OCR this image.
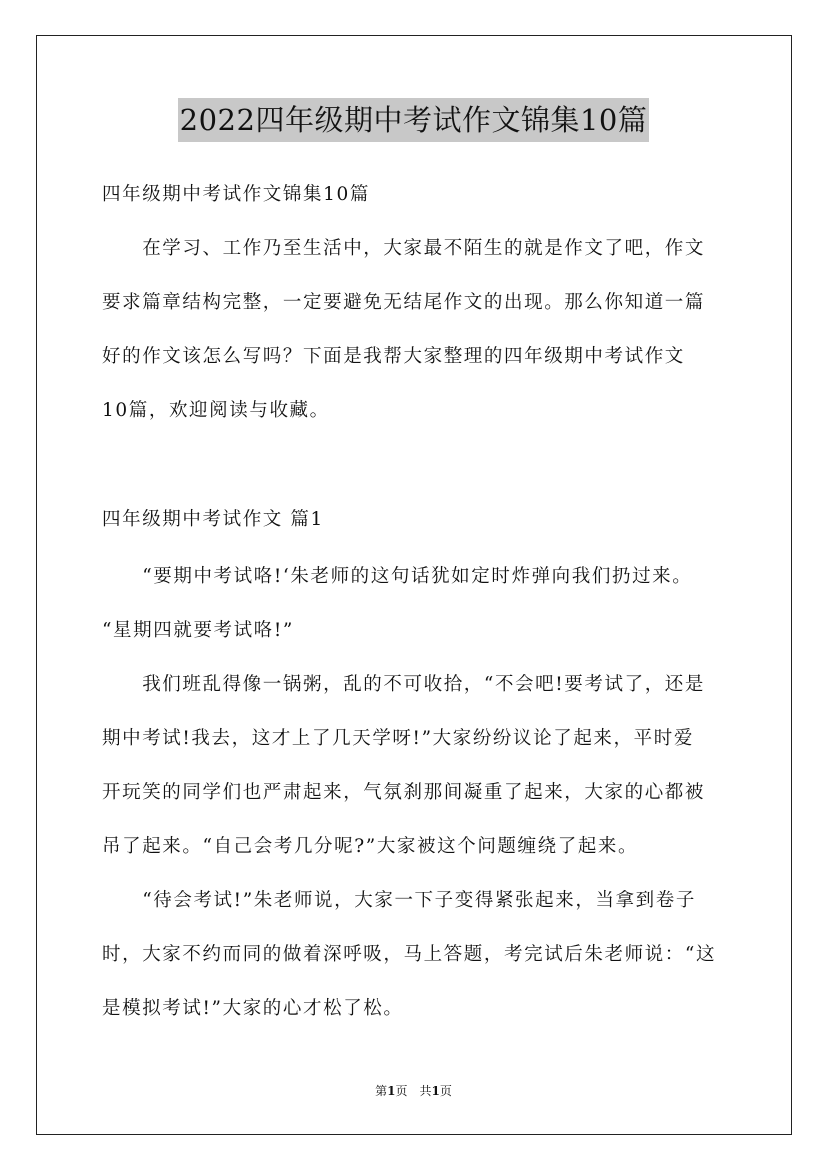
2022四年级期中考试作文锦集10篇
四年级期中考试作文锦集10篇
　　在学习、工作乃至生活中，大家最不陌生的就是作文了吧，作文
要求篇章结构完整，一定要避免无结尾作文的出现。那么你知道一篇
好的作文该怎么写吗？下面是我帮大家整理的四年级期中考试作文
10篇，欢迎阅读与收藏。
四年级期中考试作文 篇1
　　“要期中考试咯!‘朱老师的这句话犹如定时炸弹向我们扔过来。
“星期四就要考试咯!”
　　我们班乱得像一锅粥，乱的不可收拾，“不会吧!要考试了，还是
期中考试!我去，这才上了几天学呀!”大家纷纷议论了起来，平时爱
开玩笑的同学们也严肃起来，气氛刹那间凝重了起来，大家的心都被
吊了起来。“自己会考几分呢?”大家被这个问题缠绕了起来。
　　“待会考试!”朱老师说，大家一下子变得紧张起来，当拿到卷子
时，大家不约而同的做着深呼吸，马上答题，考完试后朱老师说：“这
是模拟考试!”大家的心才松了松。
第1页　共1页
